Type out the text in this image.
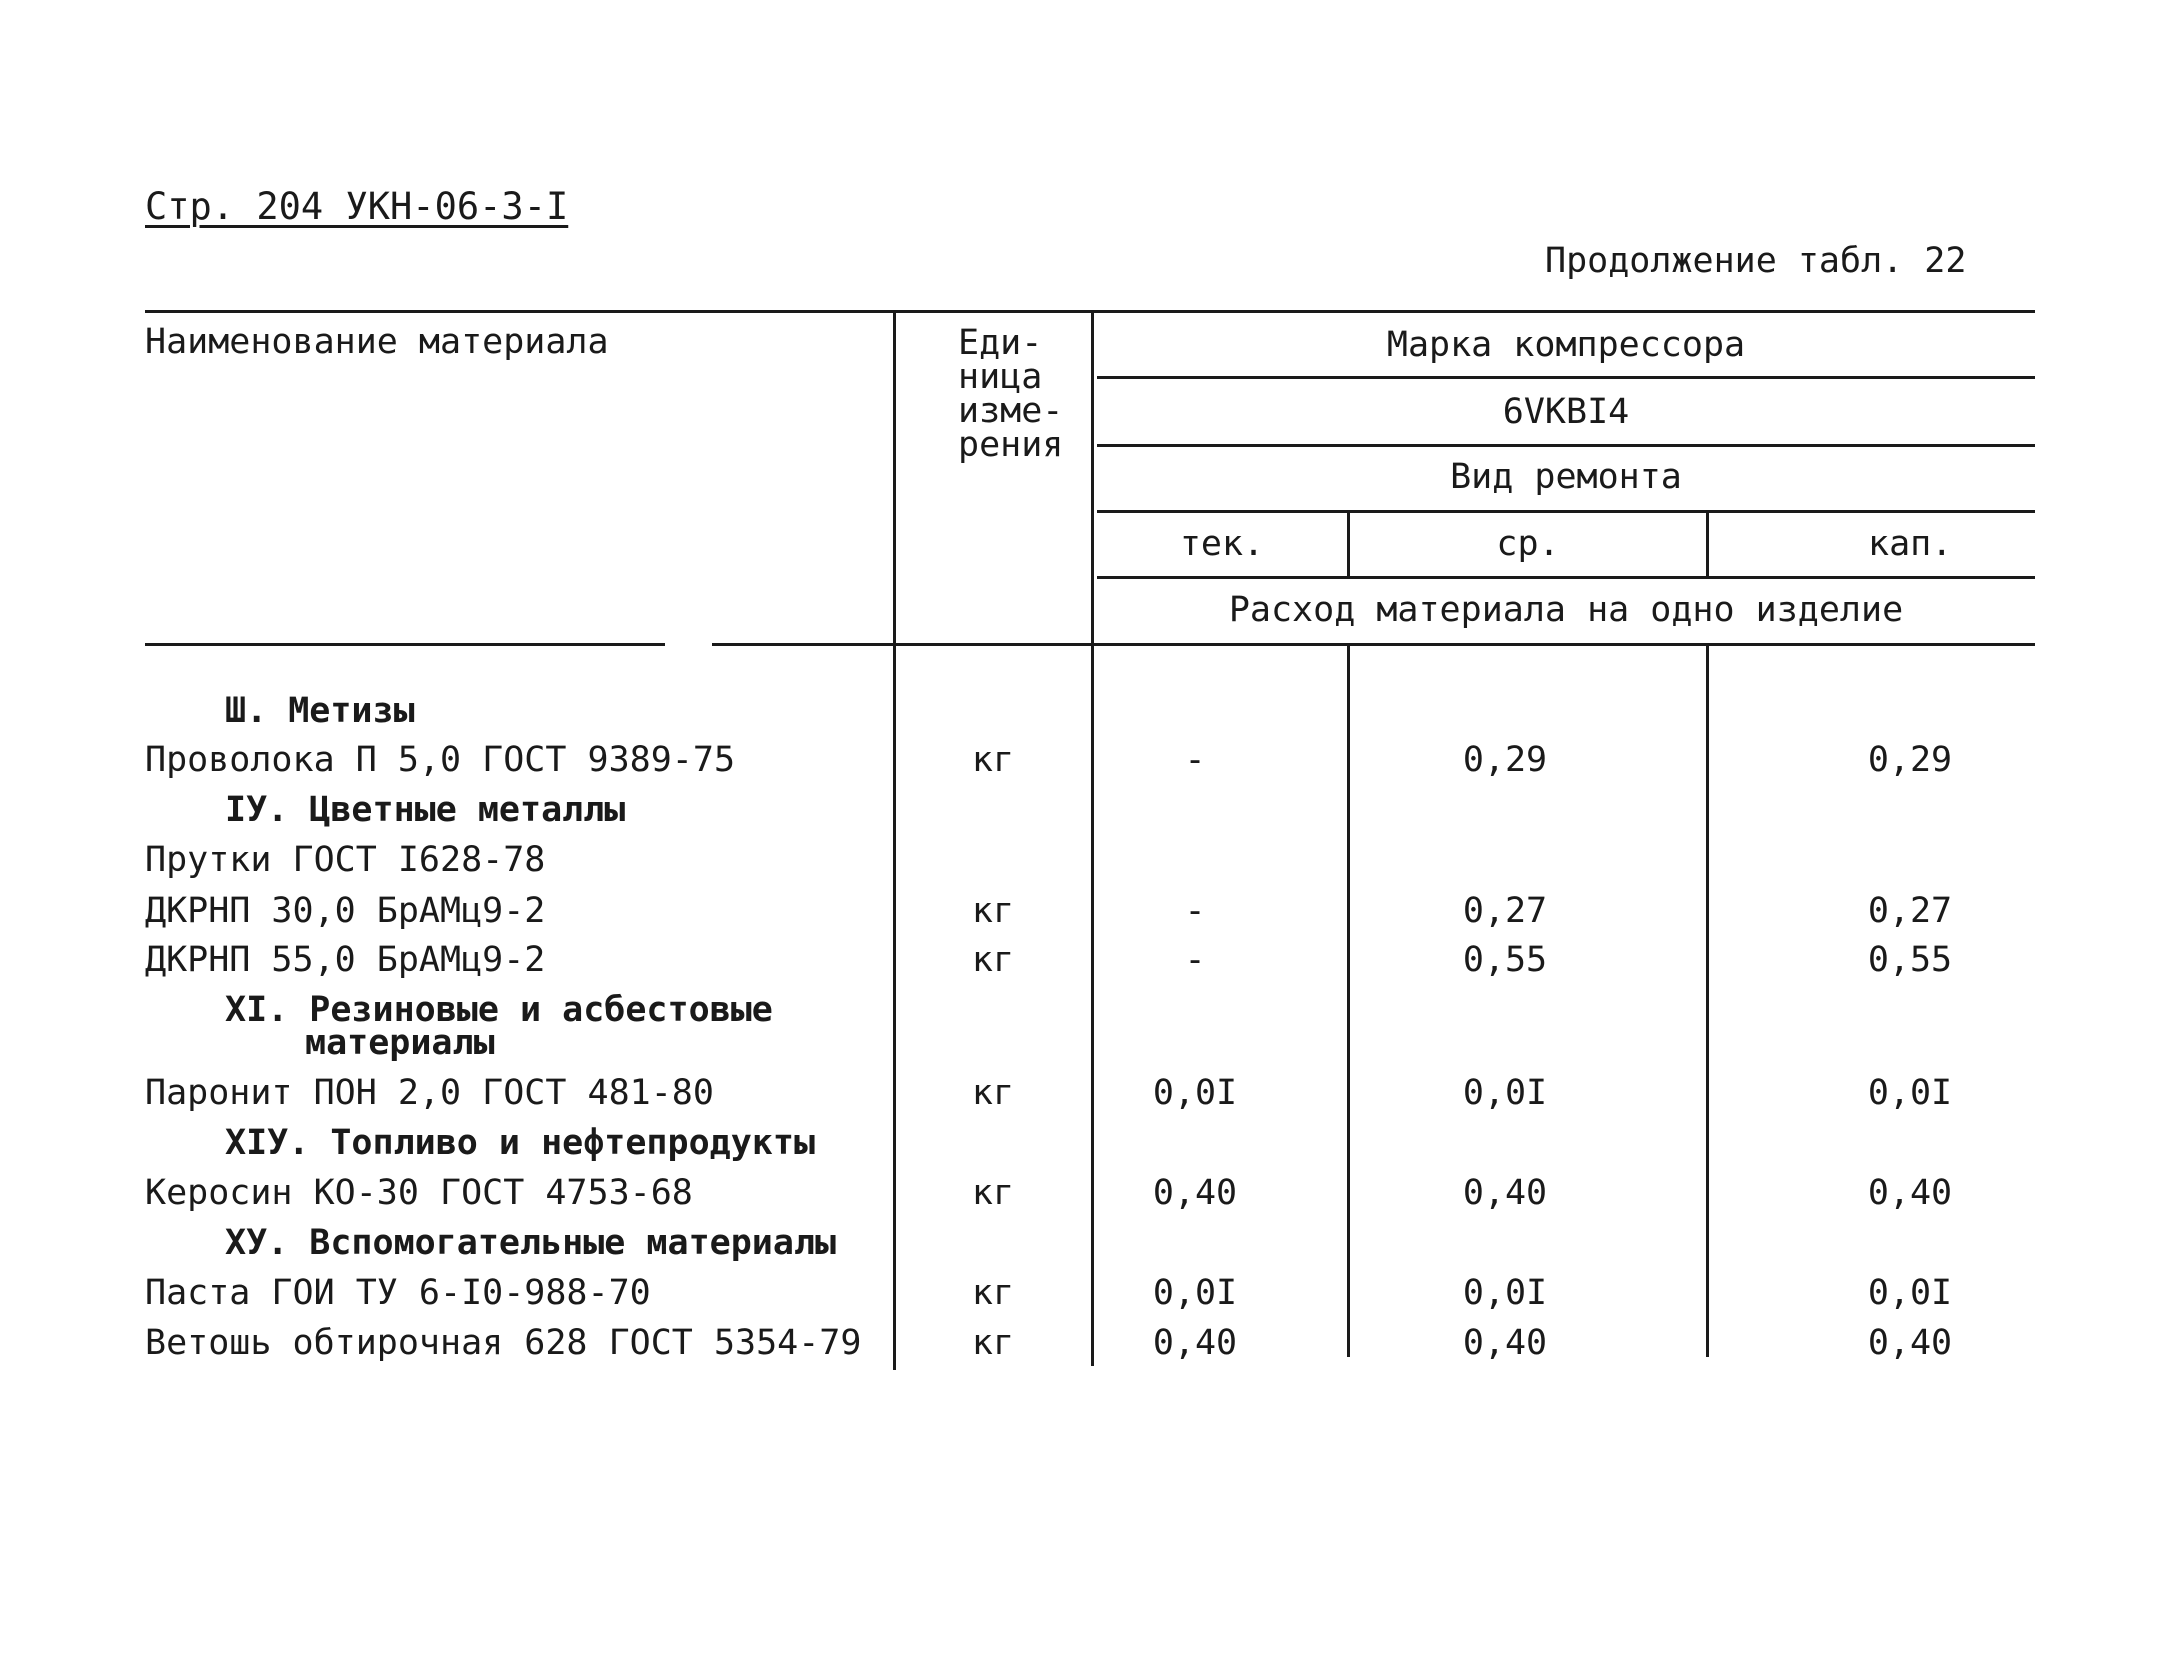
Стр. 204 УКН-06-3-I
Продолжение табл. 22
Наименование материала	Еди-
ница
изме-
рения
Марка компрессора
6VKBI4
Вид ремонта
тек.	ср.	кап.
Расход материала на одно изделие
Ш. Метизы
Проволока П 5,0 ГОСТ 9389-75	кг	-	0,29	0,29
IУ. Цветные металлы
Прутки ГОСТ I628-78
ДКРНП 30,0 БрАМц9-2	кг	-	0,27	0,27
ДКРНП 55,0 БрАМц9-2	кг	-	0,55	0,55
XI. Резиновые и асбестовые
материалы
Паронит ПОН 2,0 ГОСТ 481-80	кг	0,0I	0,0I	0,0I
XIУ. Топливо и нефтепродукты
Керосин КО-30 ГОСТ 4753-68	кг	0,40	0,40	0,40
XУ. Вспомогательные материалы
Паста ГОИ ТУ 6-I0-988-70	кг	0,0I	0,0I	0,0I
Ветошь обтирочная 628 ГОСТ 5354-79	кг	0,40	0,40	0,40
